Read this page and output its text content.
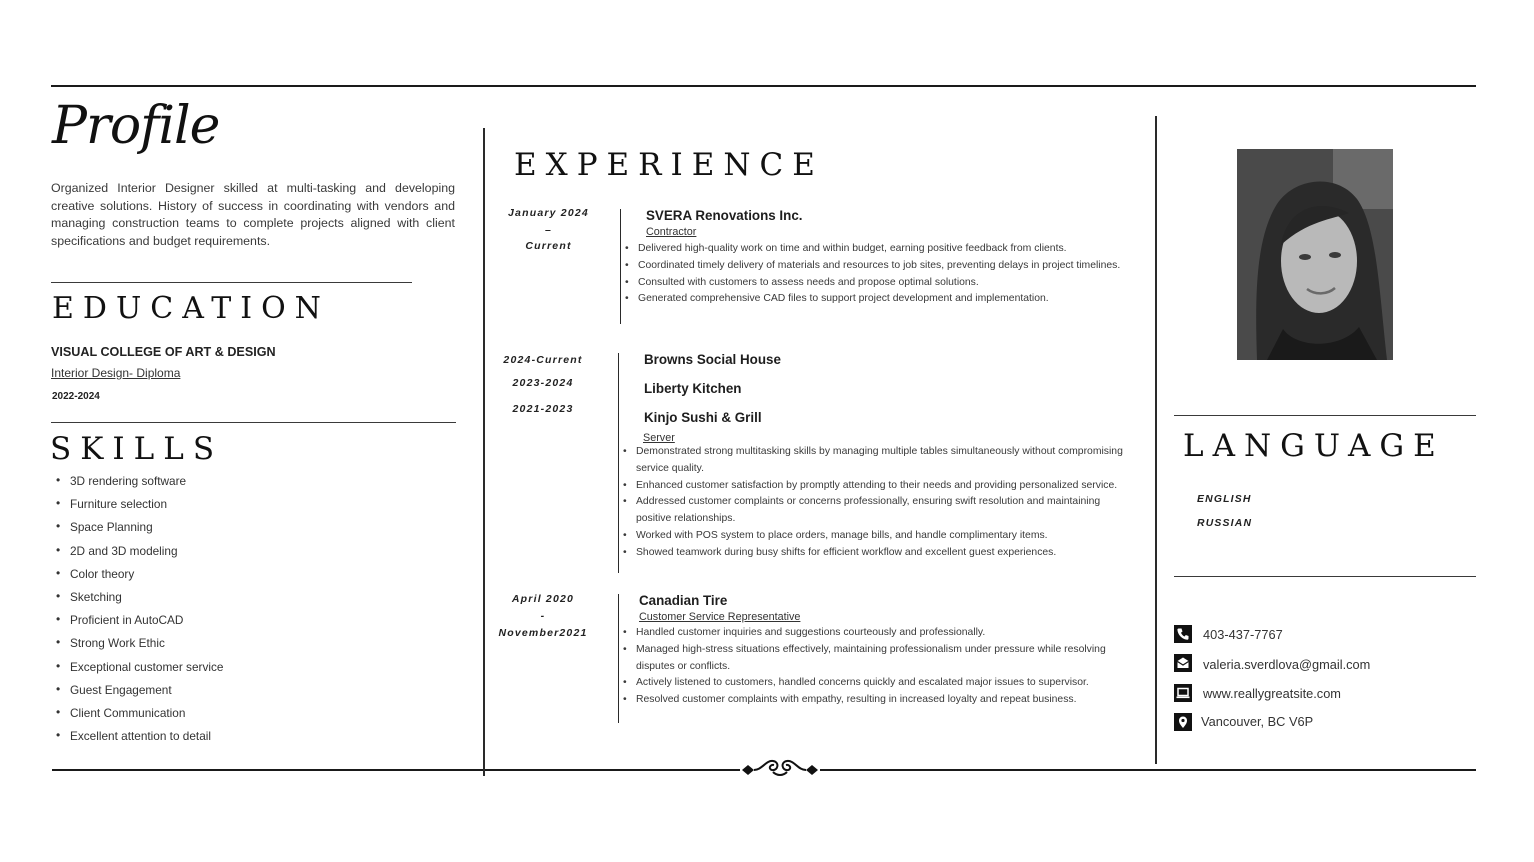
Profile

Organized Interior Designer skilled at multi-tasking and developing creative solutions. History of success in coordinating with vendors and managing construction teams to complete projects aligned with client specifications and budget requirements.

EDUCATION
VISUAL COLLEGE OF ART & DESIGN
Interior Design- Diploma
2022-2024
SKILLS
• 3D rendering software
• Furniture selection
• Space Planning
• 2D and 3D modeling
• Color theory
• Sketching
• Proficient in AutoCAD
• Strong Work Ethic
• Exceptional customer service
• Guest Engagement
• Client Communication
• Excellent attention to detail
EXPERIENCE
January 2024
–
Current
SVERA Renovations Inc.
Contractor
• Delivered high-quality work on time and within budget, earning positive feedback from clients.
• Coordinated timely delivery of materials and resources to job sites, preventing delays in project timelines.
• Consulted with customers to assess needs and propose optimal solutions.
• Generated comprehensive CAD files to support project development and implementation.
2024-Current
2023-2024
2021-2023
Browns Social House
Liberty Kitchen
Kinjo Sushi & Grill
Server
• Demonstrated strong multitasking skills by managing multiple tables simultaneously without compromising service quality.
• Enhanced customer satisfaction by promptly attending to their needs and providing personalized service.
• Addressed customer complaints or concerns professionally, ensuring swift resolution and maintaining positive relationships.
• Worked with POS system to place orders, manage bills, and handle complimentary items.
• Showed teamwork during busy shifts for efficient workflow and excellent guest experiences.
April 2020
-
November2021
Canadian Tire
Customer Service Representative
• Handled customer inquiries and suggestions courteously and professionally.
• Managed high-stress situations effectively, maintaining professionalism under pressure while resolving disputes or conflicts.
• Actively listened to customers, handled concerns quickly and escalated major issues to supervisor.
• Resolved customer complaints with empathy, resulting in increased loyalty and repeat business.
LANGUAGE
ENGLISH
RUSSIAN
403-437-7767
valeria.sverdlova@gmail.com
www.reallygreatsite.com
Vancouver, BC V6P
